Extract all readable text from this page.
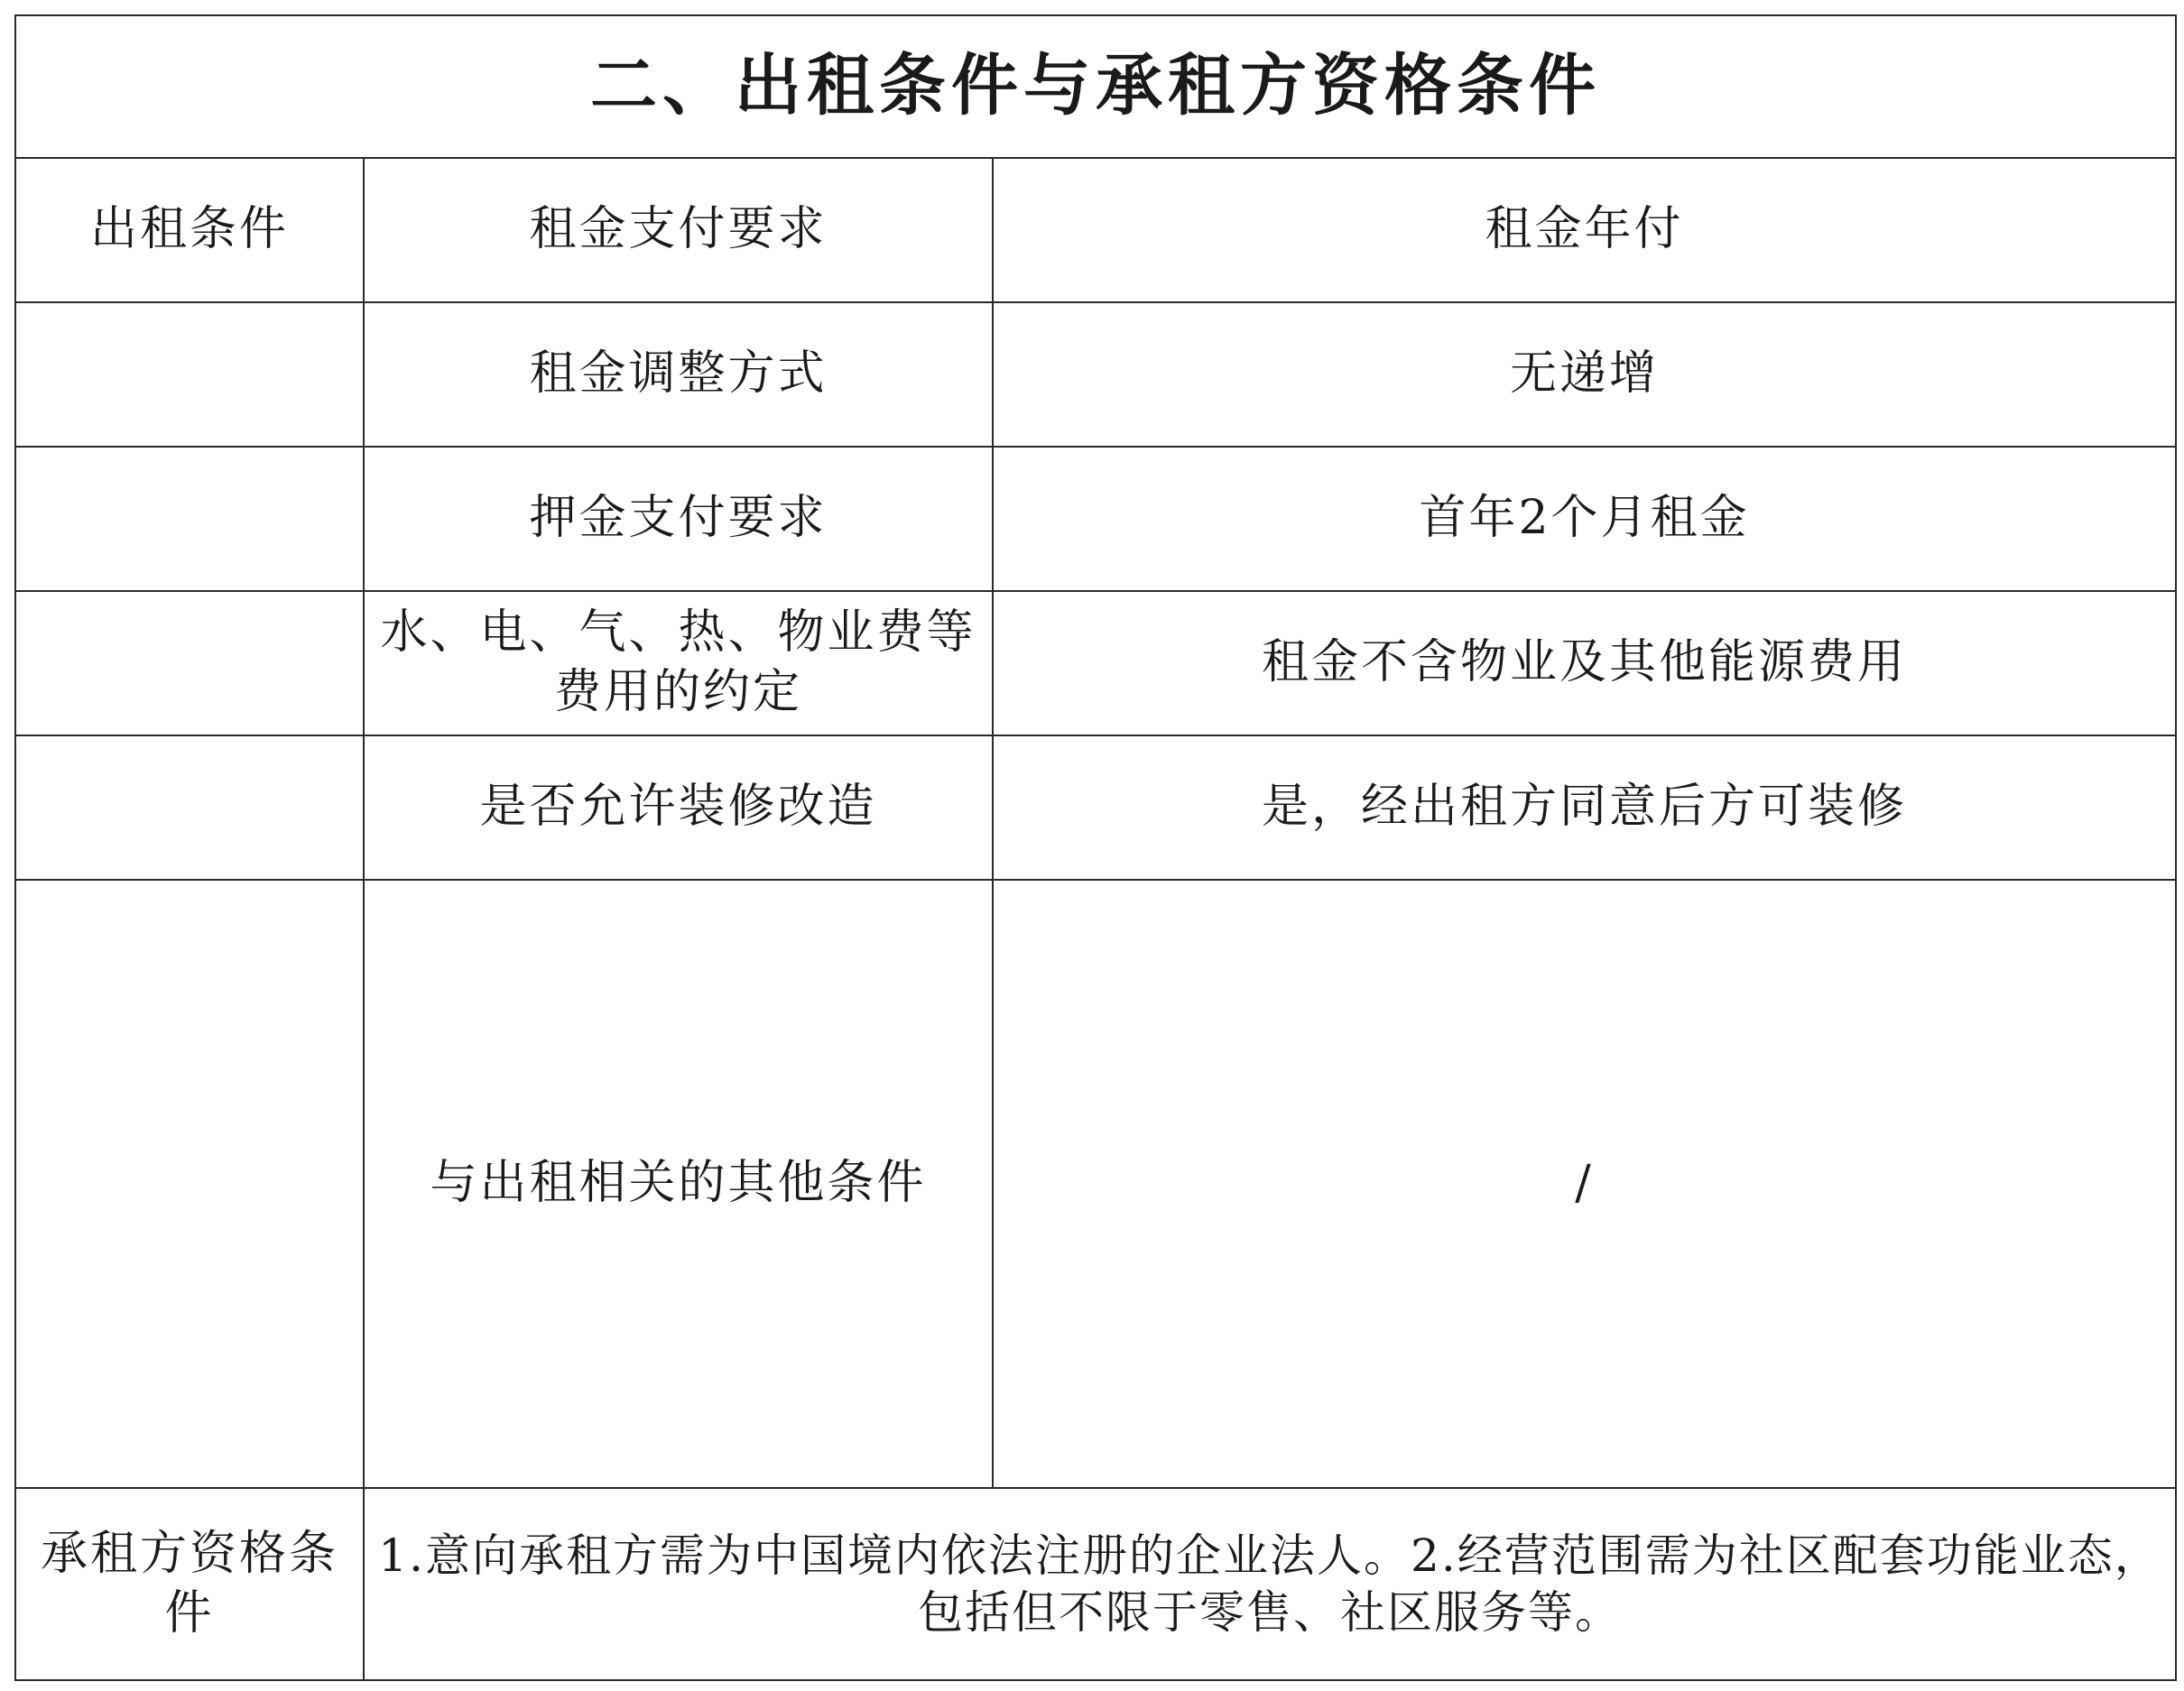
二、出租条件与承租方资格条件		
出租条件	租金支付要求	租金年付
	租金调整方式	无递增
	押金支付要求	首年2个月租金
	水、电、气、热、物业费等费用的约定	租金不含物业及其他能源费用
	是否允许装修改造	是，经出租方同意后方可装修
	与出租相关的其他条件	/
承租方资格条件	1.意向承租方需为中国境内依法注册的企业法人。2.经营范围需为社区配套功能业态，包括但不限于零售、社区服务等。	
